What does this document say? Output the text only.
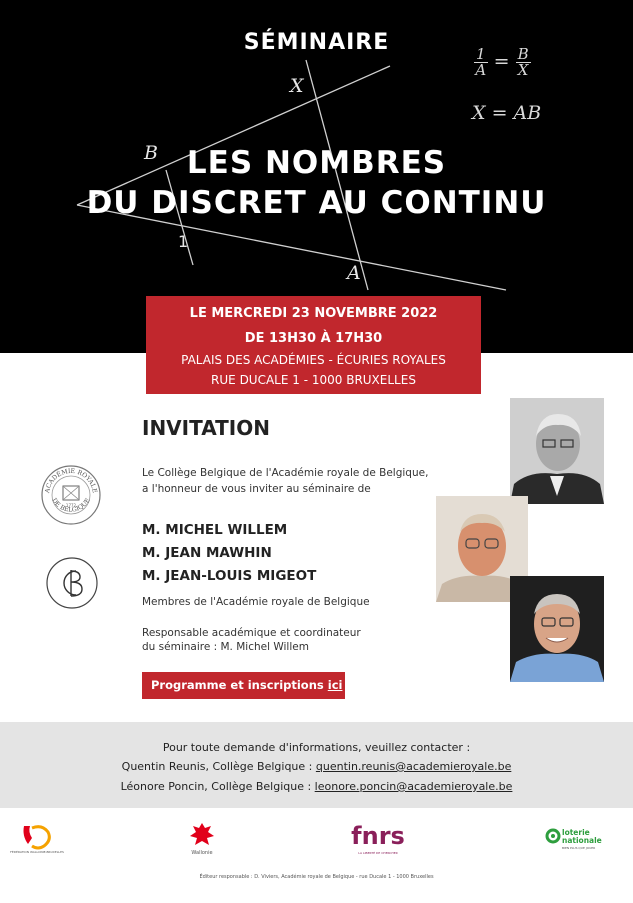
SÉMINAIRE
LES NOMBRES
DU DISCRET AU CONTINU
$\frac{1}{A} = \frac{B}{X}$
X = AB
X
B
1
A
LE MERCREDI 23 NOVEMBRE 2022
DE 13H30 À 17H30
PALAIS DES ACADÉMIES - ÉCURIES ROYALES
RUE DUCALE 1 - 1000 BRUXELLES
ACADÉMIE ROYALE
DE BELGIQUE
1772
INVITATION
Le Collège Belgique de l'Académie royale de Belgique,
a l'honneur de vous inviter au séminaire de
M. MICHEL WILLEM
M. JEAN MAWHIN
M. JEAN-LOUIS MIGEOT
Membres de l'Académie royale de Belgique
Responsable académique et coordinateur
du séminaire : M. Michel Willem
Programme et inscriptions ici
Pour toute demande d'informations, veuillez contacter :
Quentin Reunis, Collège Belgique : quentin.reunis@academieroyale.be
Léonore Poncin, Collège Belgique : leonore.poncin@academieroyale.be
FÉDÉRATION WALLONIE-BRUXELLES	Wallonie
fnrs
LA LIBERTÉ DE CHERCHER
loterie
nationale
BIEN PLUS QUE JOUER
Éditeur responsable : D. Viviers, Académie royale de Belgique - rue Ducale 1 - 1000 Bruxelles
